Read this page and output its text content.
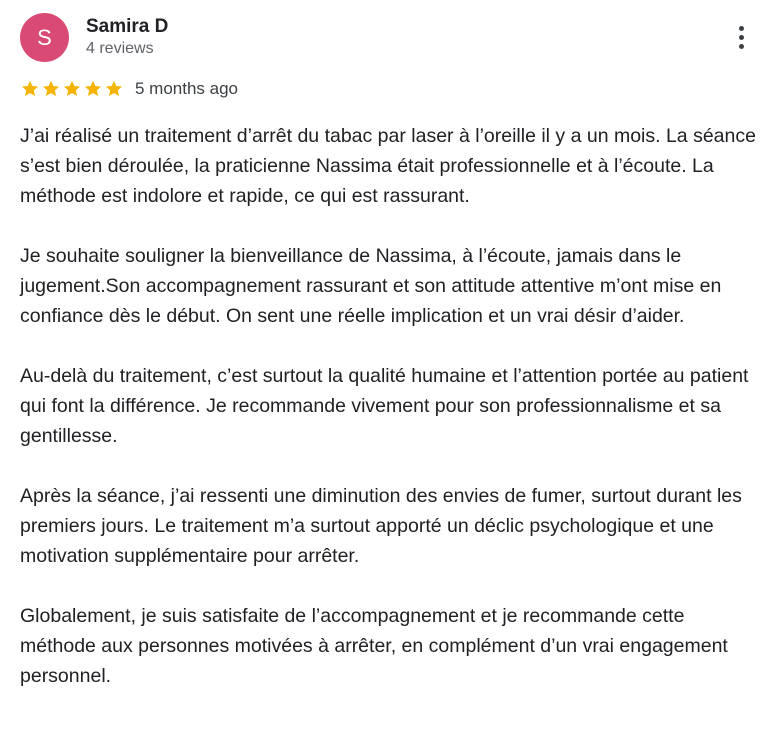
S	Samira D
4 reviews
5 months ago

J’ai réalisé un traitement d’arrêt du tabac par laser à l’oreille il y a un mois. La séance s’est bien déroulée, la praticienne Nassima était professionnelle et à l’écoute. La méthode est indolore et rapide, ce qui est rassurant.

Je souhaite souligner la bienveillance de Nassima, à l’écoute, jamais dans le jugement.Son accompagnement rassurant et son attitude attentive m’ont mise en confiance dès le début. On sent une réelle implication et un vrai désir d’aider.

Au-delà du traitement, c’est surtout la qualité humaine et l’attention portée au patient qui font la différence. Je recommande vivement pour son professionnalisme et sa gentillesse.

Après la séance, j’ai ressenti une diminution des envies de fumer, surtout durant les premiers jours. Le traitement m’a surtout apporté un déclic psychologique et une motivation supplémentaire pour arrêter.

Globalement, je suis satisfaite de l’accompagnement et je recommande cette méthode aux personnes motivées à arrêter, en complément d’un vrai engagement personnel.
